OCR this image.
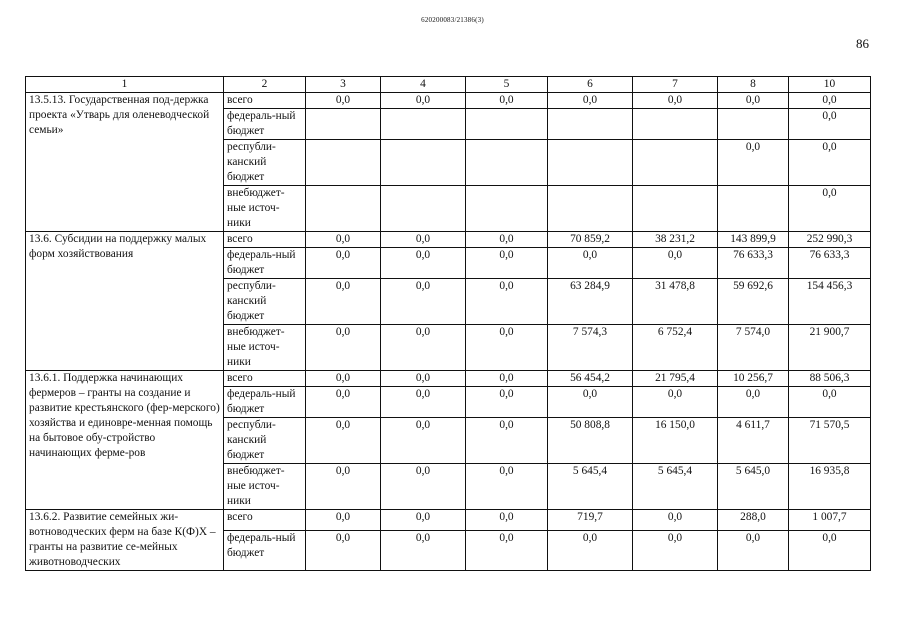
620200083/21386(3)
86
1	2	3	4	5	6	7	8	10
13.5.13. Государственная под-держка проекта «Утварь для оленеводческой семьи»	всего	0,0	0,0	0,0	0,0	0,0	0,0	0,0
	федераль-ный бюджет							0,0
	республи-канский бюджет						0,0	0,0
	внебюджет-ные источ-ники							0,0
13.6. Субсидии на поддержку малых форм хозяйствования	всего	0,0	0,0	0,0	70 859,2	38 231,2	143 899,9	252 990,3
	федераль-ный бюджет	0,0	0,0	0,0	0,0	0,0	76 633,3	76 633,3
	республи-канский бюджет	0,0	0,0	0,0	63 284,9	31 478,8	59 692,6	154 456,3
	внебюджет-ные источ-ники	0,0	0,0	0,0	7 574,3	6 752,4	7 574,0	21 900,7
13.6.1. Поддержка начинающих фермеров – гранты на создание и развитие крестьянского (фер-мерского) хозяйства и единовре-менная помощь на бытовое обу-стройство начинающих ферме-ров	всего	0,0	0,0	0,0	56 454,2	21 795,4	10 256,7	88 506,3
	федераль-ный бюджет	0,0	0,0	0,0	0,0	0,0	0,0	0,0
	республи-канский бюджет	0,0	0,0	0,0	50 808,8	16 150,0	4 611,7	71 570,5
	внебюджет-ные источ-ники	0,0	0,0	0,0	5 645,4	5 645,4	5 645,0	16 935,8
13.6.2. Развитие семейных жи-вотноводческих ферм на базе К(Ф)Х – гранты на развитие се-мейных животноводческих	всего	0,0	0,0	0,0	719,7	0,0	288,0	1 007,7
	федераль-ный бюджет	0,0	0,0	0,0	0,0	0,0	0,0	0,0
